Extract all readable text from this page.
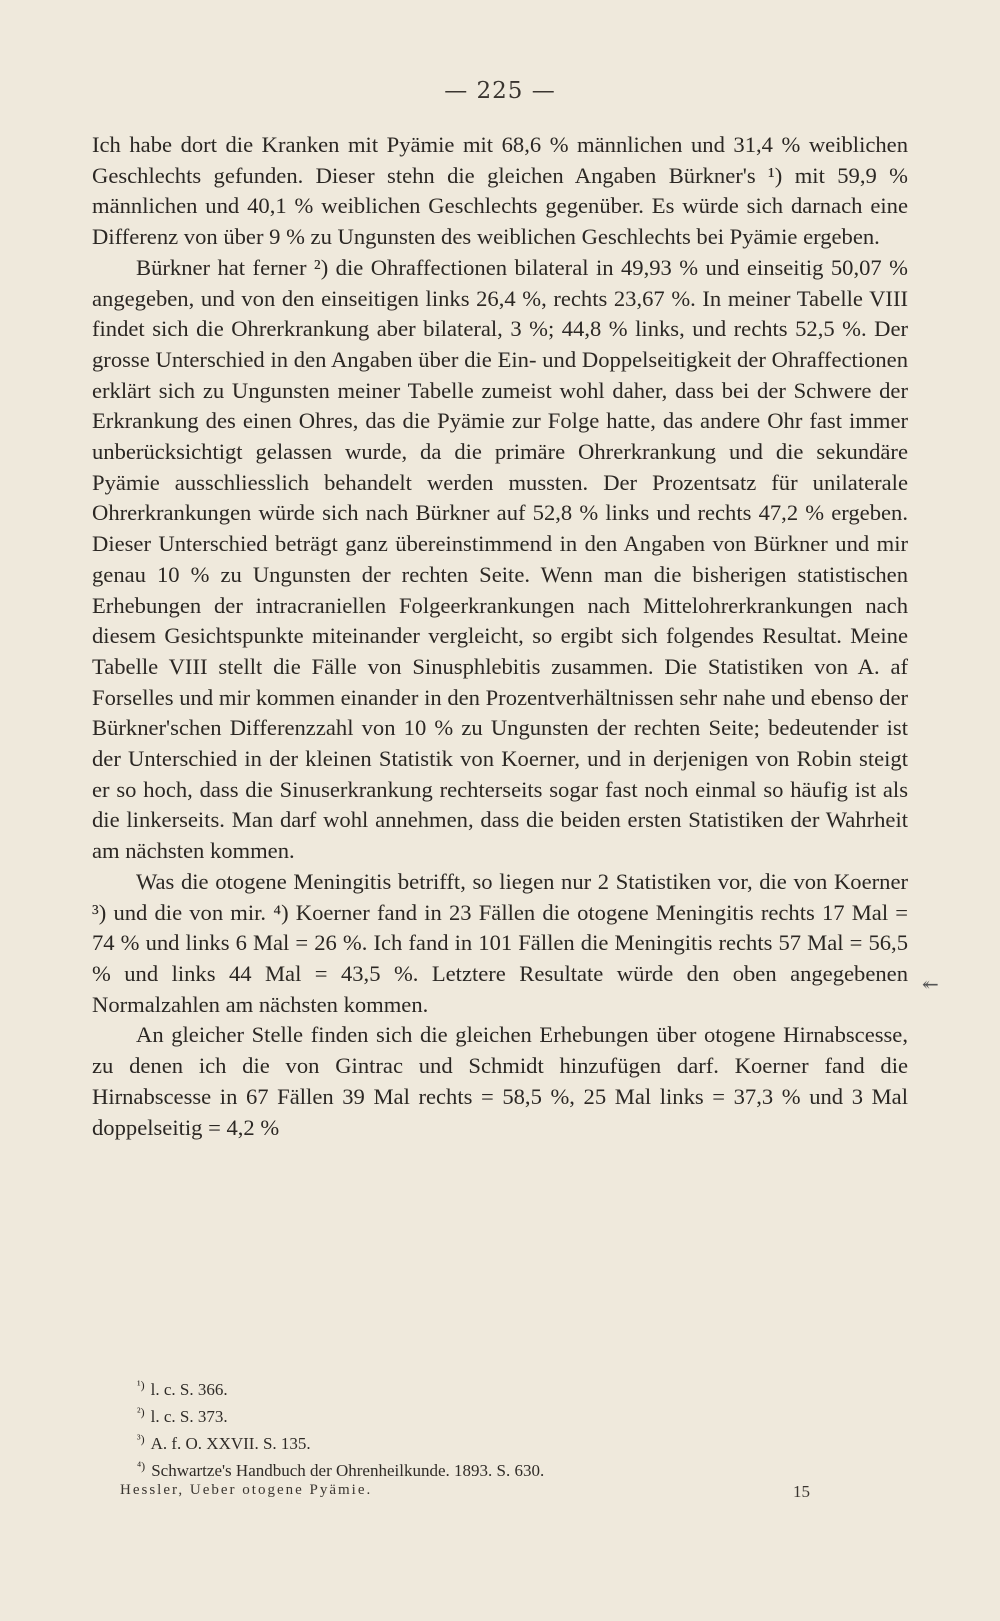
— 225 —

Ich habe dort die Kranken mit Pyämie mit 68,6 % männlichen und 31,4 % weiblichen Geschlechts gefunden. Dieser stehn die gleichen Angaben Bürkner's ¹) mit 59,9 % männlichen und 40,1 % weiblichen Geschlechts gegenüber. Es würde sich darnach eine Differenz von über 9 % zu Ungunsten des weiblichen Geschlechts bei Pyämie ergeben.

Bürkner hat ferner ²) die Ohraffectionen bilateral in 49,93 % und einseitig 50,07 % angegeben, und von den einseitigen links 26,4 %, rechts 23,67 %. In meiner Tabelle VIII findet sich die Ohrerkrankung aber bilateral, 3 %; 44,8 % links, und rechts 52,5 %. Der grosse Unterschied in den Angaben über die Ein- und Doppelseitigkeit der Ohraffectionen erklärt sich zu Ungunsten meiner Tabelle zumeist wohl daher, dass bei der Schwere der Erkrankung des einen Ohres, das die Pyämie zur Folge hatte, das andere Ohr fast immer unberücksichtigt gelassen wurde, da die primäre Ohrerkrankung und die sekundäre Pyämie ausschliesslich behandelt werden mussten. Der Prozentsatz für unilaterale Ohrerkrankungen würde sich nach Bürkner auf 52,8 % links und rechts 47,2 % ergeben. Dieser Unterschied beträgt ganz übereinstimmend in den Angaben von Bürkner und mir genau 10 % zu Ungunsten der rechten Seite. Wenn man die bisherigen statistischen Erhebungen der intracraniellen Folgeerkrankungen nach Mittelohrerkrankungen nach diesem Gesichtspunkte miteinander vergleicht, so ergibt sich folgendes Resultat. Meine Tabelle VIII stellt die Fälle von Sinusphlebitis zusammen. Die Statistiken von A. af Forselles und mir kommen einander in den Prozentverhältnissen sehr nahe und ebenso der Bürkner'schen Differenzzahl von 10 % zu Ungunsten der rechten Seite; bedeutender ist der Unterschied in der kleinen Statistik von Koerner, und in derjenigen von Robin steigt er so hoch, dass die Sinuserkrankung rechterseits sogar fast noch einmal so häufig ist als die linkerseits. Man darf wohl annehmen, dass die beiden ersten Statistiken der Wahrheit am nächsten kommen.

Was die otogene Meningitis betrifft, so liegen nur 2 Statistiken vor, die von Koerner ³) und die von mir. ⁴) Koerner fand in 23 Fällen die otogene Meningitis rechts 17 Mal = 74 % und links 6 Mal = 26 %. Ich fand in 101 Fällen die Meningitis rechts 57 Mal = 56,5 % und links 44 Mal = 43,5 %. Letztere Resultate würde den oben angegebenen Normalzahlen am nächsten kommen.

An gleicher Stelle finden sich die gleichen Erhebungen über otogene Hirnabscesse, zu denen ich die von Gintrac und Schmidt hinzufügen darf. Koerner fand die Hirnabscesse in 67 Fällen 39 Mal rechts = 58,5 %, 25 Mal links = 37,3 % und 3 Mal doppelseitig = 4,2 %

↞
¹) l. c. S. 366.
²) l. c. S. 373.
³) A. f. O. XXVII. S. 135.
⁴) Schwartze's Handbuch der Ohrenheilkunde. 1893. S. 630.
Hessler, Ueber otogene Pyämie.	15
